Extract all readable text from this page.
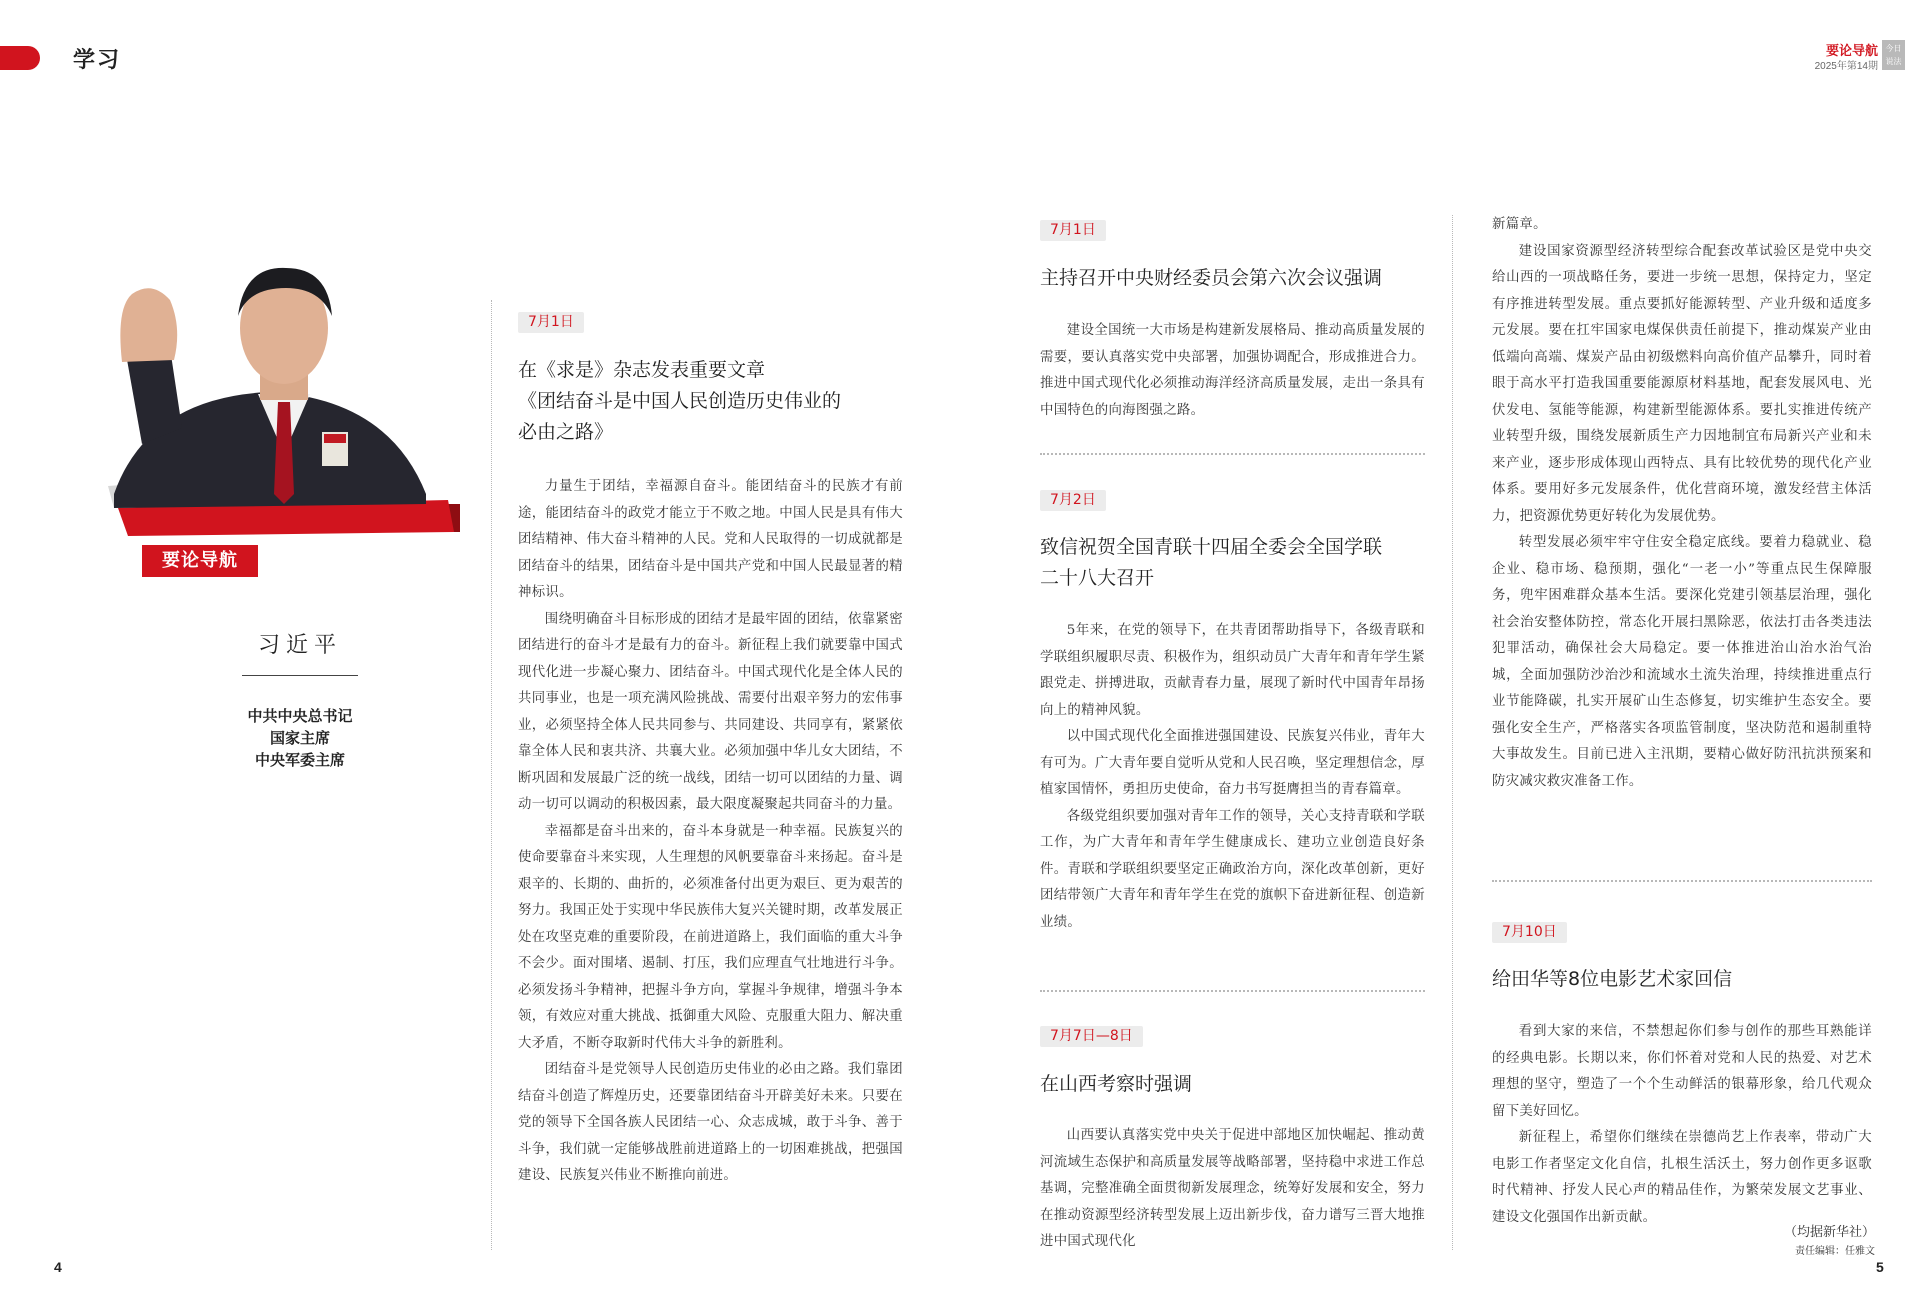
学习	要论导航
2025年第14期
今日 说法
要论导航
习近平
中共中央总书记
国家主席
中央军委主席
7月1日
在《求是》杂志发表重要文章
《团结奋斗是中国人民创造历史伟业的
必由之路》

力量生于团结，幸福源自奋斗。能团结奋斗的民族才有前途，能团结奋斗的政党才能立于不败之地。中国人民是具有伟大团结精神、伟大奋斗精神的人民。党和人民取得的一切成就都是团结奋斗的结果，团结奋斗是中国共产党和中国人民最显著的精神标识。

围绕明确奋斗目标形成的团结才是最牢固的团结，依靠紧密团结进行的奋斗才是最有力的奋斗。新征程上我们就要靠中国式现代化进一步凝心聚力、团结奋斗。中国式现代化是全体人民的共同事业，也是一项充满风险挑战、需要付出艰辛努力的宏伟事业，必须坚持全体人民共同参与、共同建设、共同享有，紧紧依靠全体人民和衷共济、共襄大业。必须加强中华儿女大团结，不断巩固和发展最广泛的统一战线，团结一切可以团结的力量、调动一切可以调动的积极因素，最大限度凝聚起共同奋斗的力量。

幸福都是奋斗出来的，奋斗本身就是一种幸福。民族复兴的使命要靠奋斗来实现，人生理想的风帆要靠奋斗来扬起。奋斗是艰辛的、长期的、曲折的，必须准备付出更为艰巨、更为艰苦的努力。我国正处于实现中华民族伟大复兴关键时期，改革发展正处在攻坚克难的重要阶段，在前进道路上，我们面临的重大斗争不会少。面对围堵、遏制、打压，我们应理直气壮地进行斗争。必须发扬斗争精神，把握斗争方向，掌握斗争规律，增强斗争本领，有效应对重大挑战、抵御重大风险、克服重大阻力、解决重大矛盾，不断夺取新时代伟大斗争的新胜利。

团结奋斗是党领导人民创造历史伟业的必由之路。我们靠团结奋斗创造了辉煌历史，还要靠团结奋斗开辟美好未来。只要在党的领导下全国各族人民团结一心、众志成城，敢于斗争、善于斗争，我们就一定能够战胜前进道路上的一切困难挑战，把强国建设、民族复兴伟业不断推向前进。

7月1日
主持召开中央财经委员会第六次会议强调

建设全国统一大市场是构建新发展格局、推动高质量发展的需要，要认真落实党中央部署，加强协调配合，形成推进合力。推进中国式现代化必须推动海洋经济高质量发展，走出一条具有中国特色的向海图强之路。

7月2日
致信祝贺全国青联十四届全委会全国学联
二十八大召开

5年来，在党的领导下，在共青团帮助指导下，各级青联和学联组织履职尽责、积极作为，组织动员广大青年和青年学生紧跟党走、拼搏进取，贡献青春力量，展现了新时代中国青年昂扬向上的精神风貌。

以中国式现代化全面推进强国建设、民族复兴伟业，青年大有可为。广大青年要自觉听从党和人民召唤，坚定理想信念，厚植家国情怀，勇担历史使命，奋力书写挺膺担当的青春篇章。

各级党组织要加强对青年工作的领导，关心支持青联和学联工作，为广大青年和青年学生健康成长、建功立业创造良好条件。青联和学联组织要坚定正确政治方向，深化改革创新，更好团结带领广大青年和青年学生在党的旗帜下奋进新征程、创造新业绩。

7月7日—8日
在山西考察时强调

山西要认真落实党中央关于促进中部地区加快崛起、推动黄河流域生态保护和高质量发展等战略部署，坚持稳中求进工作总基调，完整准确全面贯彻新发展理念，统筹好发展和安全，努力在推动资源型经济转型发展上迈出新步伐，奋力谱写三晋大地推进中国式现代化

新篇章。

建设国家资源型经济转型综合配套改革试验区是党中央交给山西的一项战略任务，要进一步统一思想，保持定力，坚定有序推进转型发展。重点要抓好能源转型、产业升级和适度多元发展。要在扛牢国家电煤保供责任前提下，推动煤炭产业由低端向高端、煤炭产品由初级燃料向高价值产品攀升，同时着眼于高水平打造我国重要能源原材料基地，配套发展风电、光伏发电、氢能等能源，构建新型能源体系。要扎实推进传统产业转型升级，围绕发展新质生产力因地制宜布局新兴产业和未来产业，逐步形成体现山西特点、具有比较优势的现代化产业体系。要用好多元发展条件，优化营商环境，激发经营主体活力，把资源优势更好转化为发展优势。

转型发展必须牢牢守住安全稳定底线。要着力稳就业、稳企业、稳市场、稳预期，强化“一老一小”等重点民生保障服务，兜牢困难群众基本生活。要深化党建引领基层治理，强化社会治安整体防控，常态化开展扫黑除恶，依法打击各类违法犯罪活动，确保社会大局稳定。要一体推进治山治水治气治城，全面加强防沙治沙和流域水土流失治理，持续推进重点行业节能降碳，扎实开展矿山生态修复，切实维护生态安全。要强化安全生产，严格落实各项监管制度，坚决防范和遏制重特大事故发生。目前已进入主汛期，要精心做好防汛抗洪预案和防灾减灾救灾准备工作。

7月10日
给田华等8位电影艺术家回信

看到大家的来信，不禁想起你们参与创作的那些耳熟能详的经典电影。长期以来，你们怀着对党和人民的热爱、对艺术理想的坚守，塑造了一个个生动鲜活的银幕形象，给几代观众留下美好回忆。

新征程上，希望你们继续在崇德尚艺上作表率，带动广大电影工作者坚定文化自信，扎根生活沃土，努力创作更多讴歌时代精神、抒发人民心声的精品佳作，为繁荣发展文艺事业、建设文化强国作出新贡献。

（均据新华社）
责任编辑：任雅文
4	5
